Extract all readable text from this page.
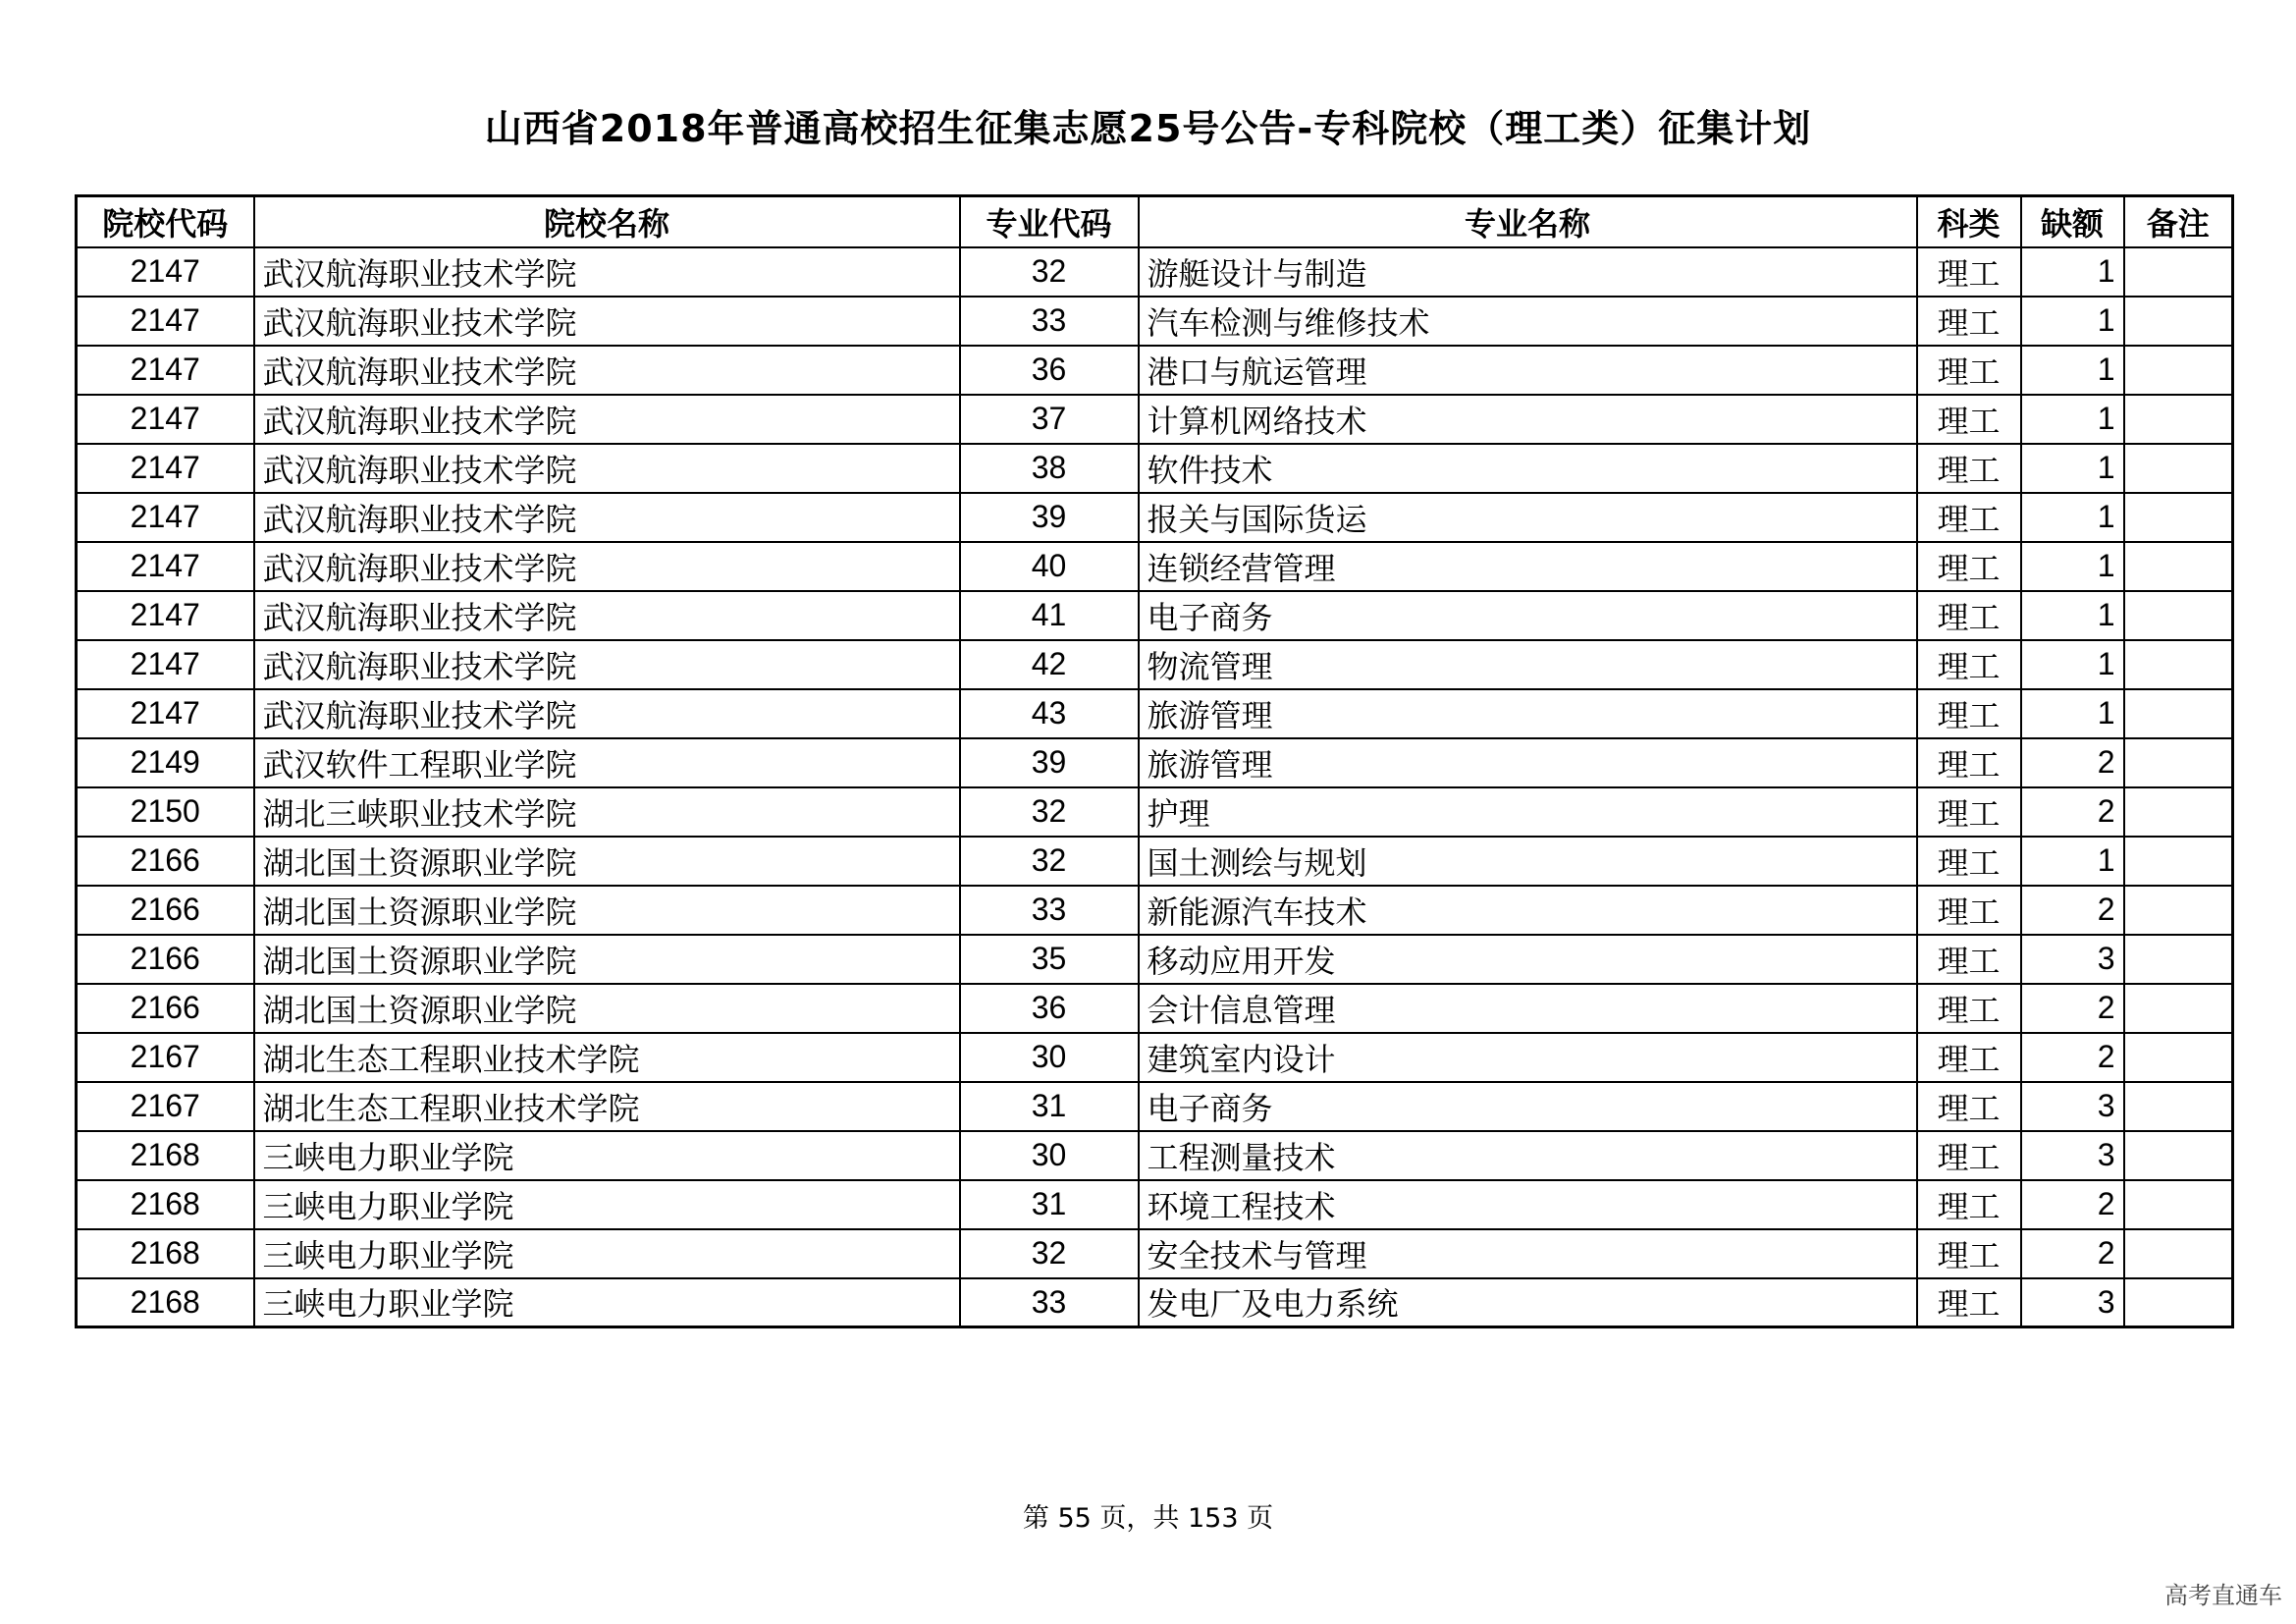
山西省2018年普通高校招生征集志愿25号公告-专科院校（理工类）征集计划
院校代码	院校名称	专业代码	专业名称	科类	缺额	备注
2147	武汉航海职业技术学院	32	游艇设计与制造	理工	1	
2147	武汉航海职业技术学院	33	汽车检测与维修技术	理工	1	
2147	武汉航海职业技术学院	36	港口与航运管理	理工	1	
2147	武汉航海职业技术学院	37	计算机网络技术	理工	1	
2147	武汉航海职业技术学院	38	软件技术	理工	1	
2147	武汉航海职业技术学院	39	报关与国际货运	理工	1	
2147	武汉航海职业技术学院	40	连锁经营管理	理工	1	
2147	武汉航海职业技术学院	41	电子商务	理工	1	
2147	武汉航海职业技术学院	42	物流管理	理工	1	
2147	武汉航海职业技术学院	43	旅游管理	理工	1	
2149	武汉软件工程职业学院	39	旅游管理	理工	2	
2150	湖北三峡职业技术学院	32	护理	理工	2	
2166	湖北国土资源职业学院	32	国土测绘与规划	理工	1	
2166	湖北国土资源职业学院	33	新能源汽车技术	理工	2	
2166	湖北国土资源职业学院	35	移动应用开发	理工	3	
2166	湖北国土资源职业学院	36	会计信息管理	理工	2	
2167	湖北生态工程职业技术学院	30	建筑室内设计	理工	2	
2167	湖北生态工程职业技术学院	31	电子商务	理工	3	
2168	三峡电力职业学院	30	工程测量技术	理工	3	
2168	三峡电力职业学院	31	环境工程技术	理工	2	
2168	三峡电力职业学院	32	安全技术与管理	理工	2	
2168	三峡电力职业学院	33	发电厂及电力系统	理工	3	
第 55 页，共 153 页
高考直通车
